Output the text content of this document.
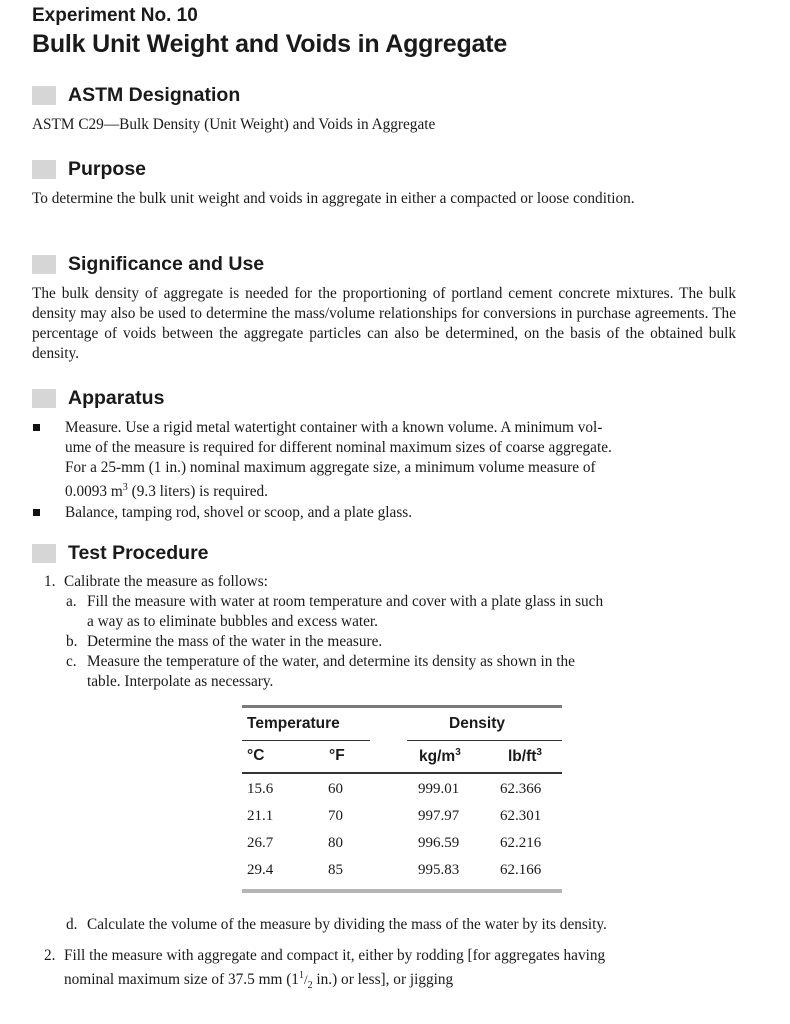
Experiment No. 10
Bulk Unit Weight and Voids in Aggregate
ASTM Designation
ASTM C29—Bulk Density (Unit Weight) and Voids in Aggregate
Purpose
To determine the bulk unit weight and voids in aggregate in either a compacted or loose condition.
Significance and Use
The bulk density of aggregate is needed for the proportioning of portland cement concrete mixtures. The bulk density may also be used to determine the mass/volume relationships for conversions in purchase agreements. The percentage of voids between the aggregate particles can also be determined, on the basis of the obtained bulk density.
Apparatus
Measure. Use a rigid metal watertight container with a known volume. A minimum vol-
ume of the measure is required for different nominal maximum sizes of coarse aggregate.
For a 25-mm (1 in.) nominal maximum aggregate size, a minimum volume measure of
0.0093 $m^3$ (9.3 liters) is required.
Balance, tamping rod, shovel or scoop, and a plate glass.
Test Procedure
1. Calibrate the measure as follows:
a. Fill the measure with water at room temperature and cover with a plate glass in such
a way as to eliminate bubbles and excess water.
b. Determine the mass of the water in the measure.
c. Measure the temperature of the water, and determine its density as shown in the
table. Interpolate as necessary.
Temperature	Density
°C	°F	$kg/m^3$	$lb/ft^3$
15.6	60	999.01	62.366
21.1	70	997.97	62.301
26.7	80	996.59	62.216
29.4	85	995.83	62.166
d. Calculate the volume of the measure by dividing the mass of the water by its density.
2. Fill the measure with aggregate and compact it, either by rodding [for aggregates having
nominal maximum size of 37.5 mm ($1^1/_2$ in.) or less], or jigging
